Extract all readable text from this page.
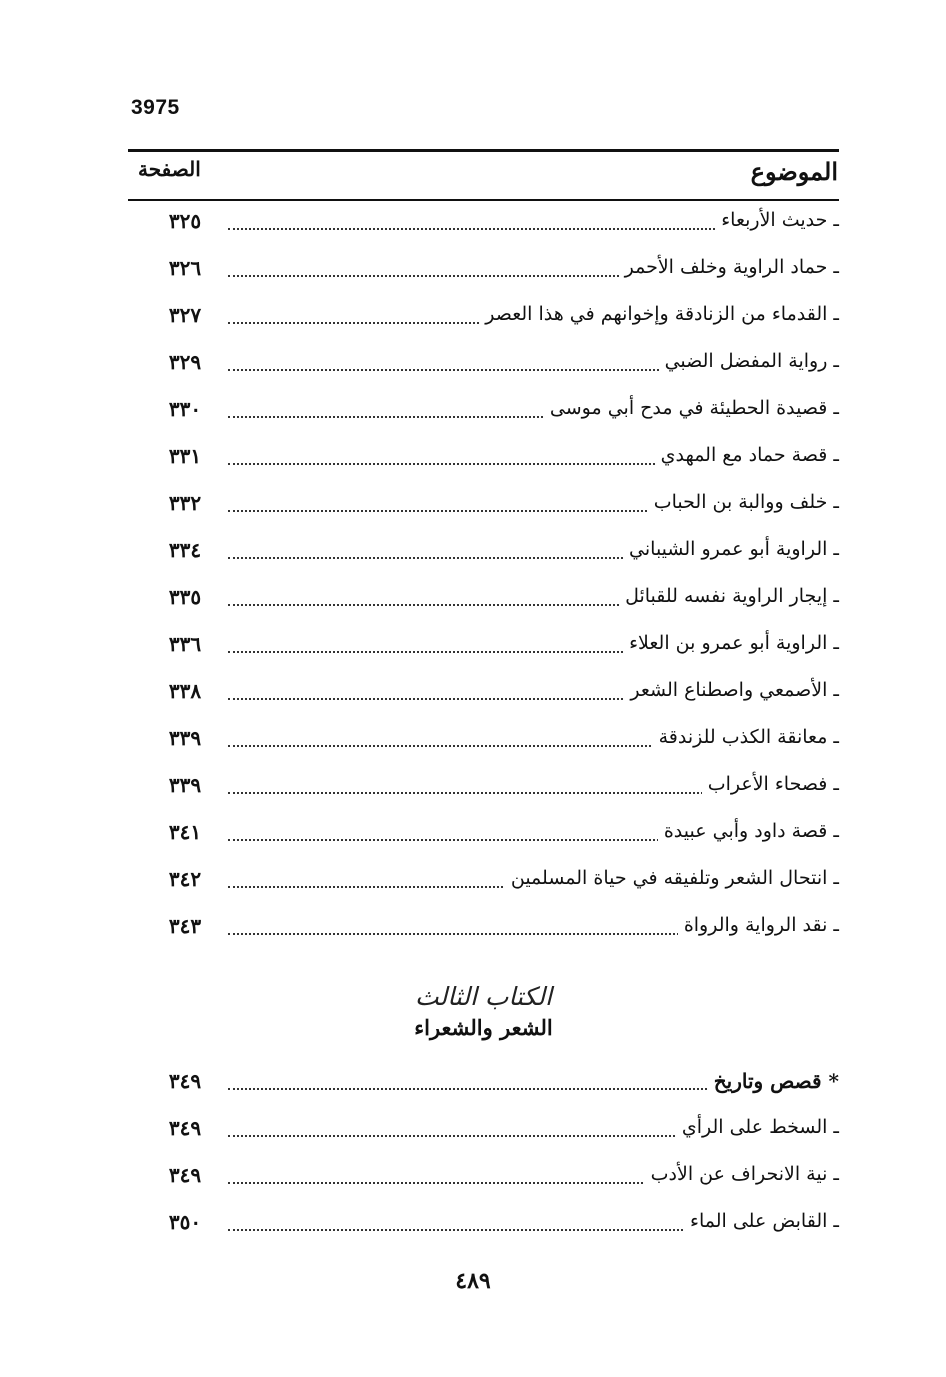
3975
الموضوع
الصفحة
ـ حديث الأربعاء
٣٢٥
ـ حماد الراوية وخلف الأحمر
٣٢٦
ـ القدماء من الزنادقة وإخوانهم في هذا العصر
٣٢٧
ـ رواية المفضل الضبي
٣٢٩
ـ قصيدة الحطيئة في مدح أبي موسى
٣٣٠
ـ قصة حماد مع المهدي
٣٣١
ـ خلف ووالبة بن الحباب
٣٣٢
ـ الراوية أبو عمرو الشيباني
٣٣٤
ـ إيجار الراوية نفسه للقبائل
٣٣٥
ـ الراوية أبو عمرو بن العلاء
٣٣٦
ـ الأصمعي واصطناع الشعر
٣٣٨
ـ معانقة الكذب للزندقة
٣٣٩
ـ فصحاء الأعراب
٣٣٩
ـ قصة داود وأبي عبيدة
٣٤١
ـ انتحال الشعر وتلفيقه في حياة المسلمين
٣٤٢
ـ نقد الرواية والرواة
٣٤٣
الكتاب الثالث
الشعر والشعراء
* قصص وتاريخ
٣٤٩
ـ السخط على الرأي
٣٤٩
ـ نية الانحراف عن الأدب
٣٤٩
ـ القابض على الماء
٣٥٠
٤٨٩
